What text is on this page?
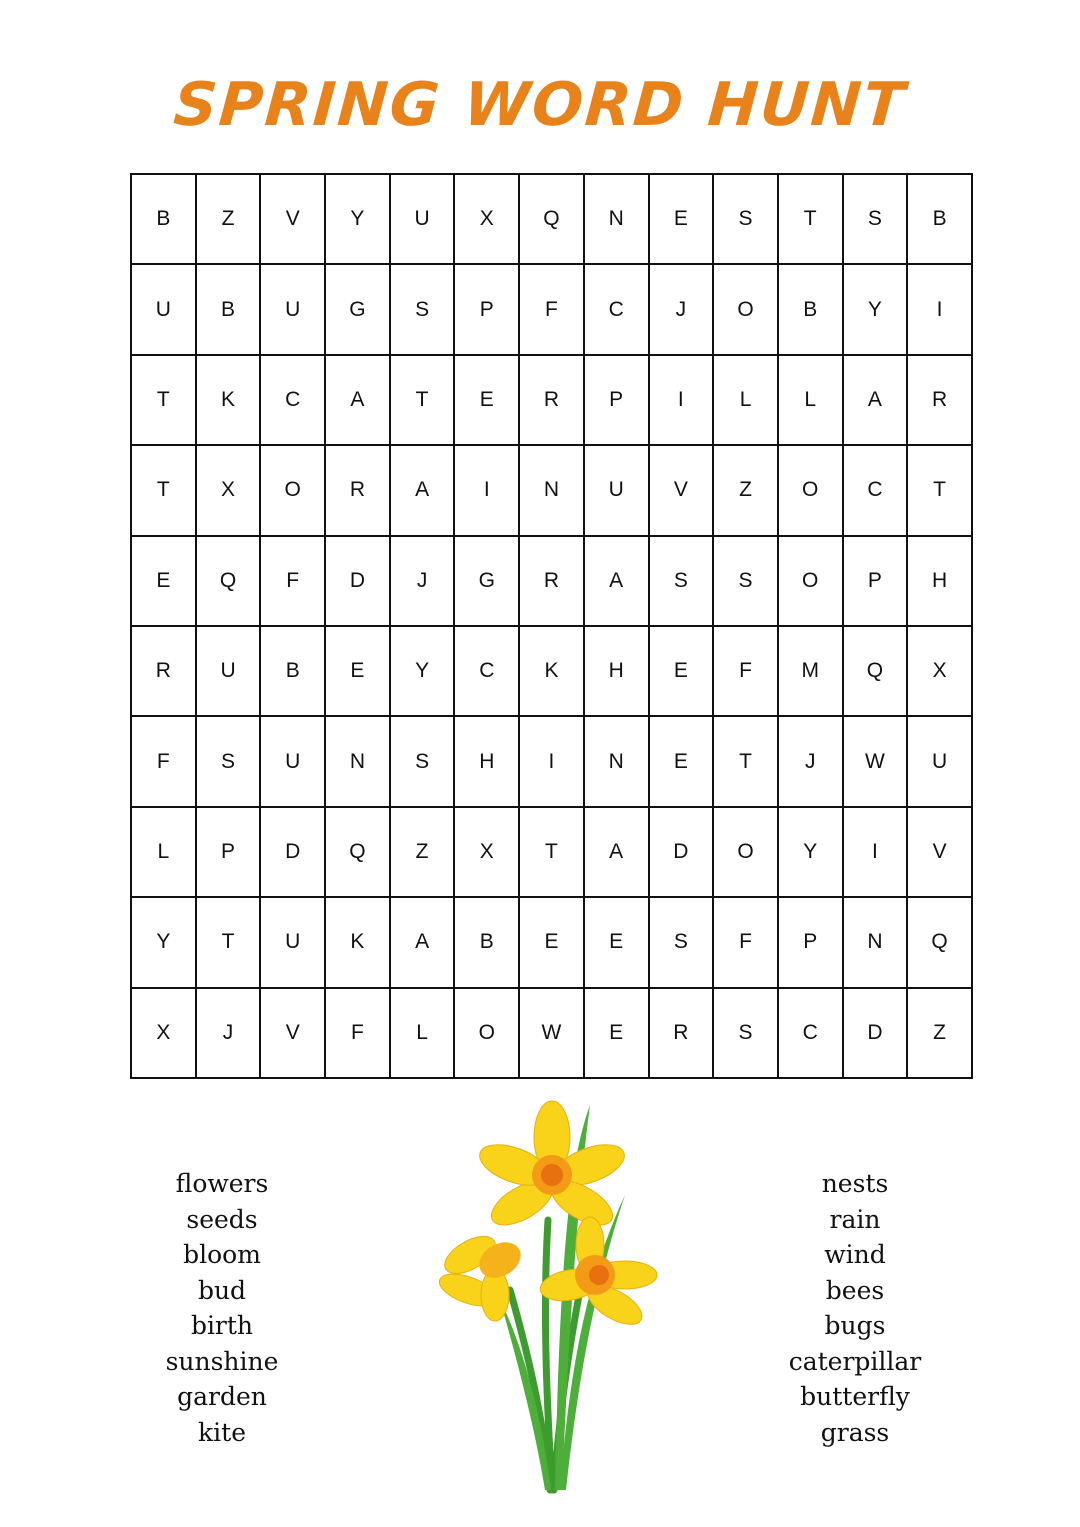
SPRING WORD HUNT
B	Z	V	Y	U	X	Q	N	E	S	T	S	B
U	B	U	G	S	P	F	C	J	O	B	Y	I
T	K	C	A	T	E	R	P	I	L	L	A	R
T	X	O	R	A	I	N	U	V	Z	O	C	T
E	Q	F	D	J	G	R	A	S	S	O	P	H
R	U	B	E	Y	C	K	H	E	F	M	Q	X
F	S	U	N	S	H	I	N	E	T	J	W	U
L	P	D	Q	Z	X	T	A	D	O	Y	I	V
Y	T	U	K	A	B	E	E	S	F	P	N	Q
X	J	V	F	L	O	W	E	R	S	C	D	Z
flowers
seeds
bloom
bud
birth
sunshine
garden
kite
nests
rain
wind
bees
bugs
caterpillar
butterfly
grass
